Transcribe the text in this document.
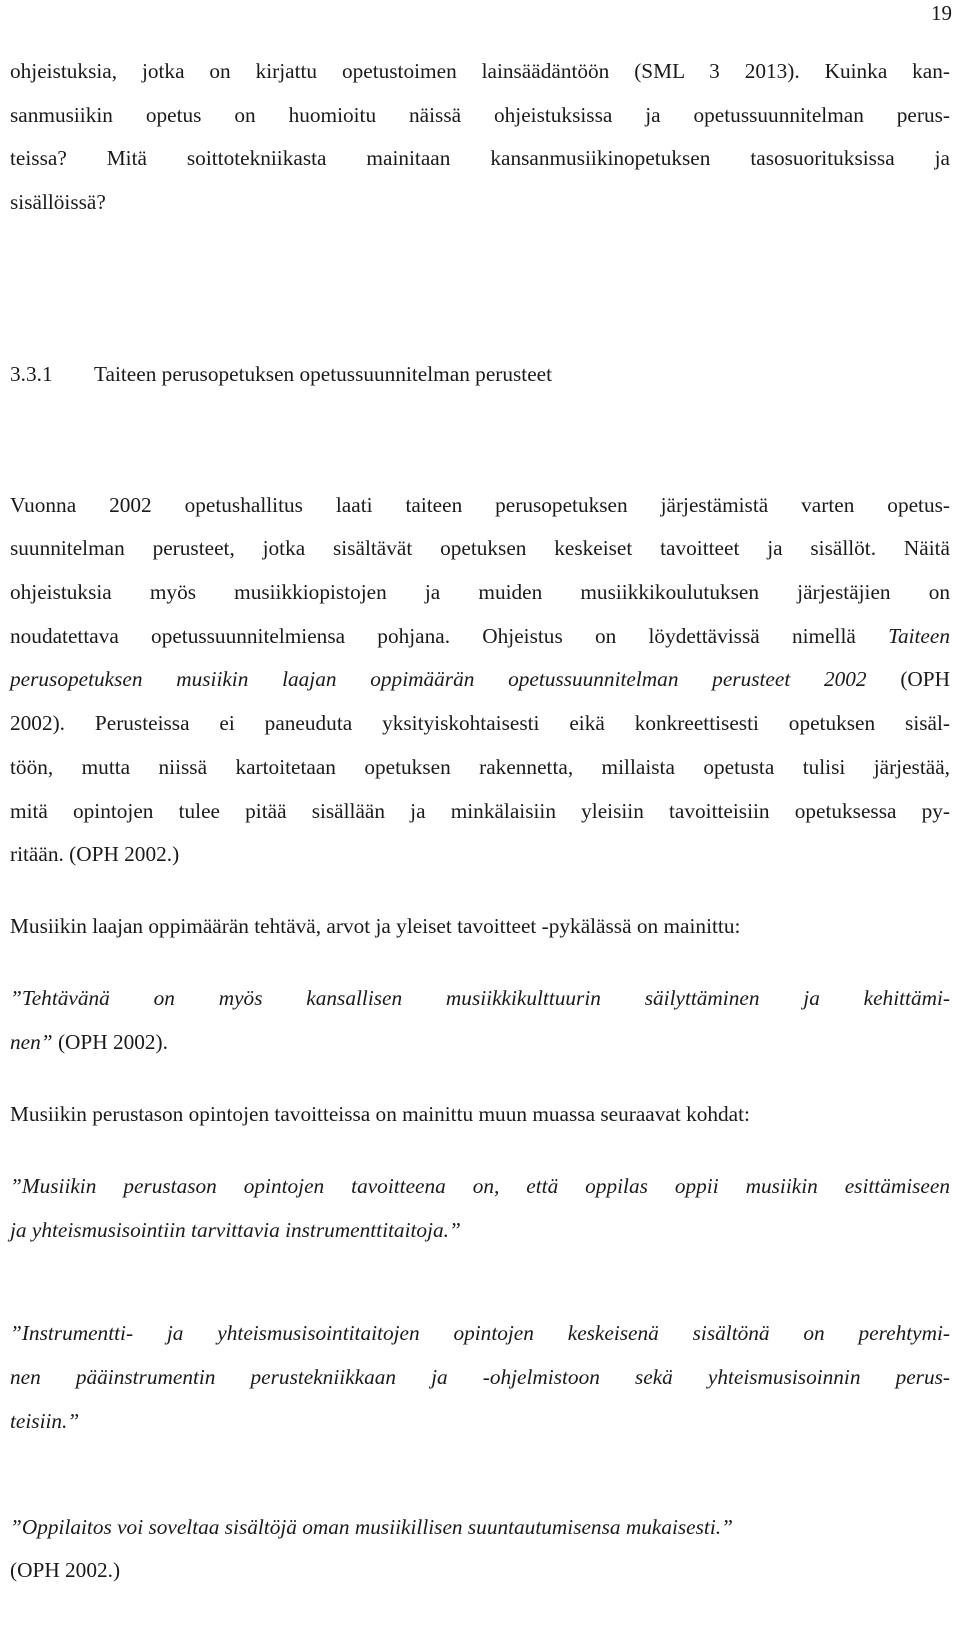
19
ohjeistuksia, jotka on kirjattu opetustoimen lainsäädäntöön (SML 3 2013). Kuinka kan-
sanmusiikin opetus on huomioitu näissä ohjeistuksissa ja opetussuunnitelman perus-
teissa? Mitä soittotekniikasta mainitaan kansanmusiikinopetuksen tasosuorituksissa ja
sisällöissä?
3.3.1 Taiteen perusopetuksen opetussuunnitelman perusteet
Vuonna 2002 opetushallitus laati taiteen perusopetuksen järjestämistä varten opetus-
suunnitelman perusteet, jotka sisältävät opetuksen keskeiset tavoitteet ja sisällöt. Näitä
ohjeistuksia myös musiikkiopistojen ja muiden musiikkikoulutuksen järjestäjien on
noudatettava opetussuunnitelmiensa pohjana. Ohjeistus on löydettävissä nimellä Taiteen
perusopetuksen musiikin laajan oppimäärän opetussuunnitelman perusteet 2002 (OPH
2002). Perusteissa ei paneuduta yksityiskohtaisesti eikä konkreettisesti opetuksen sisäl-
töön, mutta niissä kartoitetaan opetuksen rakennetta, millaista opetusta tulisi järjestää,
mitä opintojen tulee pitää sisällään ja minkälaisiin yleisiin tavoitteisiin opetuksessa py-
ritään. (OPH 2002.)
Musiikin laajan oppimäärän tehtävä, arvot ja yleiset tavoitteet -pykälässä on mainittu:
”Tehtävänä on myös kansallisen musiikkikulttuurin säilyttäminen ja kehittämi-
nen” (OPH 2002).
Musiikin perustason opintojen tavoitteissa on mainittu muun muassa seuraavat kohdat:
”Musiikin perustason opintojen tavoitteena on, että oppilas oppii musiikin esittämiseen
ja yhteismusisointiin tarvittavia instrumenttitaitoja.”
”Instrumentti- ja yhteismusisointitaitojen opintojen keskeisenä sisältönä on perehtymi-
nen pääinstrumentin perustekniikkaan ja -ohjelmistoon sekä yhteismusisoinnin perus-
teisiin.”
”Oppilaitos voi soveltaa sisältöjä oman musiikillisen suuntautumisensa mukaisesti.”
(OPH 2002.)
